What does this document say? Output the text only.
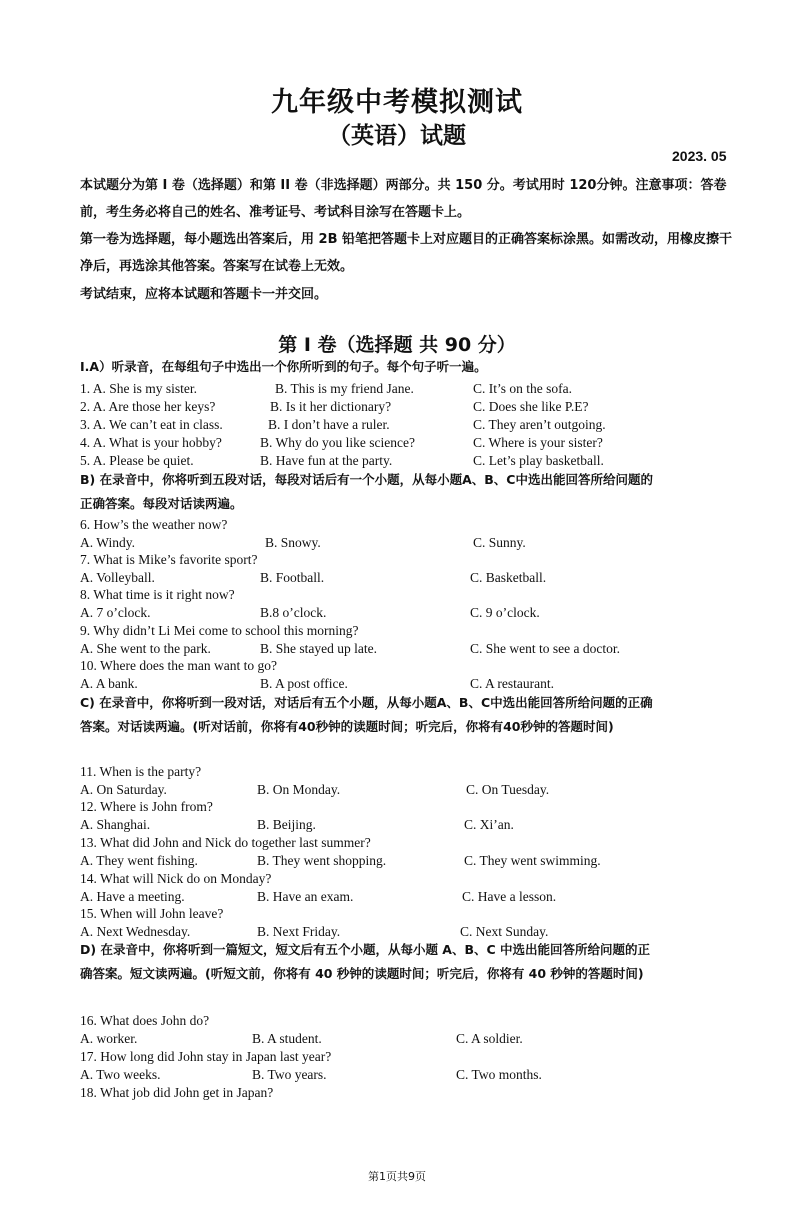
九年级中考模拟测试
（英语）试题
2023. 05
本试题分为第 I 卷（选择题）和第 II 卷（非选择题）两部分。共 150 分。考试用时 120分钟。注意事项：答卷前，考生务必将自己的姓名、准考证号、考试科目涂写在答题卡上。
第一卷为选择题，每小题选出答案后，用 2B 铅笔把答题卡上对应题目的正确答案标涂黑。如需改动，用橡皮擦干净后，再选涂其他答案。答案写在试卷上无效。
考试结束，应将本试题和答题卡一并交回。
第 I 卷（选择题 共 90 分）
Ⅰ.A）听录音，在每组句子中选出一个你所听到的句子。每个句子听一遍。
1. A. She is my sister.	B. This is my friend Jane.	C. It’s on the sofa.
2. A. Are those her keys?	B. Is it her dictionary?	C. Does she like P.E?
3. A. We can’t eat in class.	B. I don’t have a ruler.	C. They aren’t outgoing.
4. A. What is your hobby?	B. Why do you like science?	C. Where is your sister?
5. A. Please be quiet.	B. Have fun at the party.	C. Let’s play basketball.
B) 在录音中，你将听到五段对话，每段对话后有一个小题，从每小题A、B、C中选出能回答所给问题的正确答案。每段对话读两遍。
6. How’s the weather now?
A. Windy.	B. Snowy.	C. Sunny.
7. What is Mike’s favorite sport?
A. Volleyball.	B. Football.	C. Basketball.
8. What time is it right now?
A. 7 o’clock.	B.8 o’clock.	C. 9 o’clock.
9. Why didn’t Li Mei come to school this morning?
A. She went to the park.	B. She stayed up late.	C. She went to see a doctor.
10. Where does the man want to go?
A. A bank.	B. A post office.	C. A restaurant.
C) 在录音中，你将听到一段对话，对话后有五个小题，从每小题A、B、C中选出能回答所给问题的正确答案。对话读两遍。(听对话前，你将有40秒钟的读题时间；听完后，你将有40秒钟的答题时间)
11. When is the party?
A. On Saturday.	B. On Monday.	C. On Tuesday.
12. Where is John from?
A. Shanghai.	B. Beijing.	C. Xi’an.
13. What did John and Nick do together last summer?
A. They went fishing.	B. They went shopping.	C. They went swimming.
14. What will Nick do on Monday?
A. Have a meeting.	B. Have an exam.	C. Have a lesson.
15. When will John leave?
A. Next Wednesday.	B. Next Friday.	C. Next Sunday.
D) 在录音中，你将听到一篇短文，短文后有五个小题，从每小题 A、B、C 中选出能回答所给问题的正确答案。短文读两遍。(听短文前，你将有 40 秒钟的读题时间；听完后，你将有 40 秒钟的答题时间)
16. What does John do?
A. worker.	B. A student.	C. A soldier.
17. How long did John stay in Japan last year?
A. Two weeks.	B. Two years.	C. Two months.
18. What job did John get in Japan?
第1页共9页
